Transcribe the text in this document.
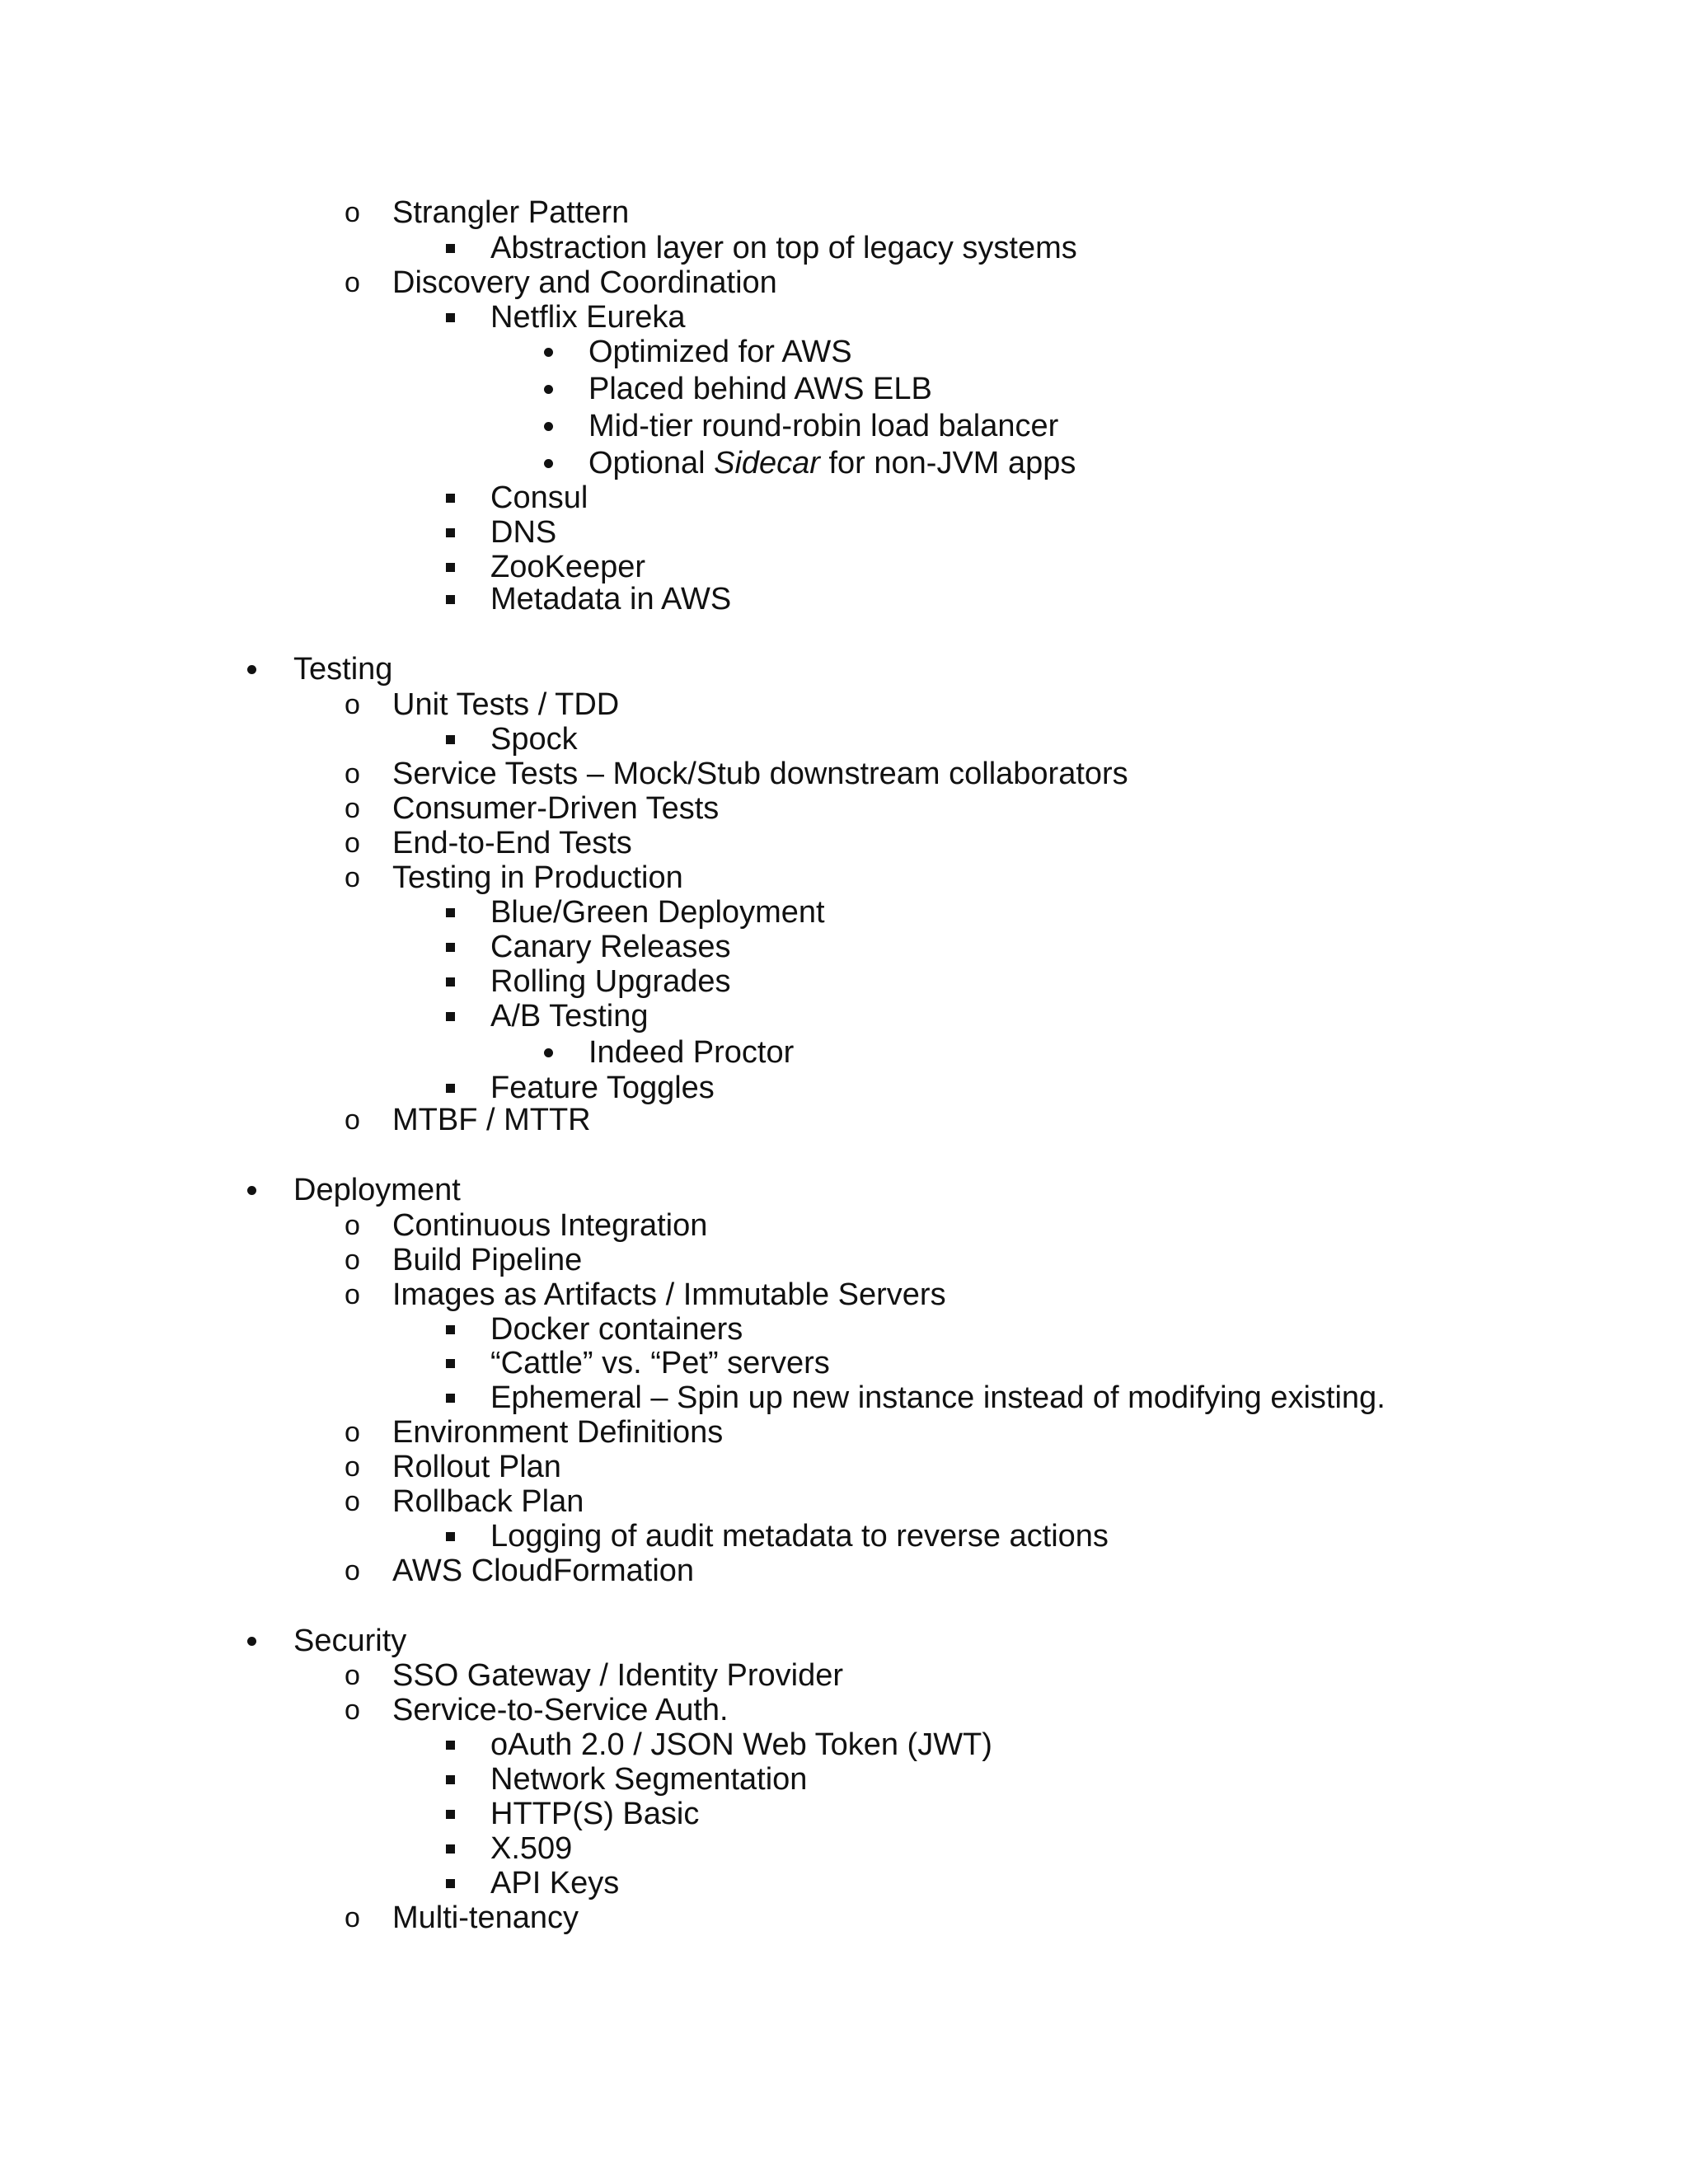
o	Strangler Pattern
Abstraction layer on top of legacy systems
o	Discovery and Coordination
Netflix Eureka
Optimized for AWS
Placed behind AWS ELB
Mid-tier round-robin load balancer
Optional Sidecar for non-JVM apps
Consul
DNS
ZooKeeper
Metadata in AWS
Testing
o	Unit Tests / TDD
Spock
o	Service Tests – Mock/Stub downstream collaborators
o	Consumer-Driven Tests
o	End-to-End Tests
o	Testing in Production
Blue/Green Deployment
Canary Releases
Rolling Upgrades
A/B Testing
Indeed Proctor
Feature Toggles
o	MTBF / MTTR
Deployment
o	Continuous Integration
o	Build Pipeline
o	Images as Artifacts / Immutable Servers
Docker containers
“Cattle” vs. “Pet” servers
Ephemeral – Spin up new instance instead of modifying existing.
o	Environment Definitions
o	Rollout Plan
o	Rollback Plan
Logging of audit metadata to reverse actions
o	AWS CloudFormation
Security
o	SSO Gateway / Identity Provider
o	Service-to-Service Auth.
oAuth 2.0 / JSON Web Token (JWT)
Network Segmentation
HTTP(S) Basic
X.509
API Keys
o	Multi-tenancy
